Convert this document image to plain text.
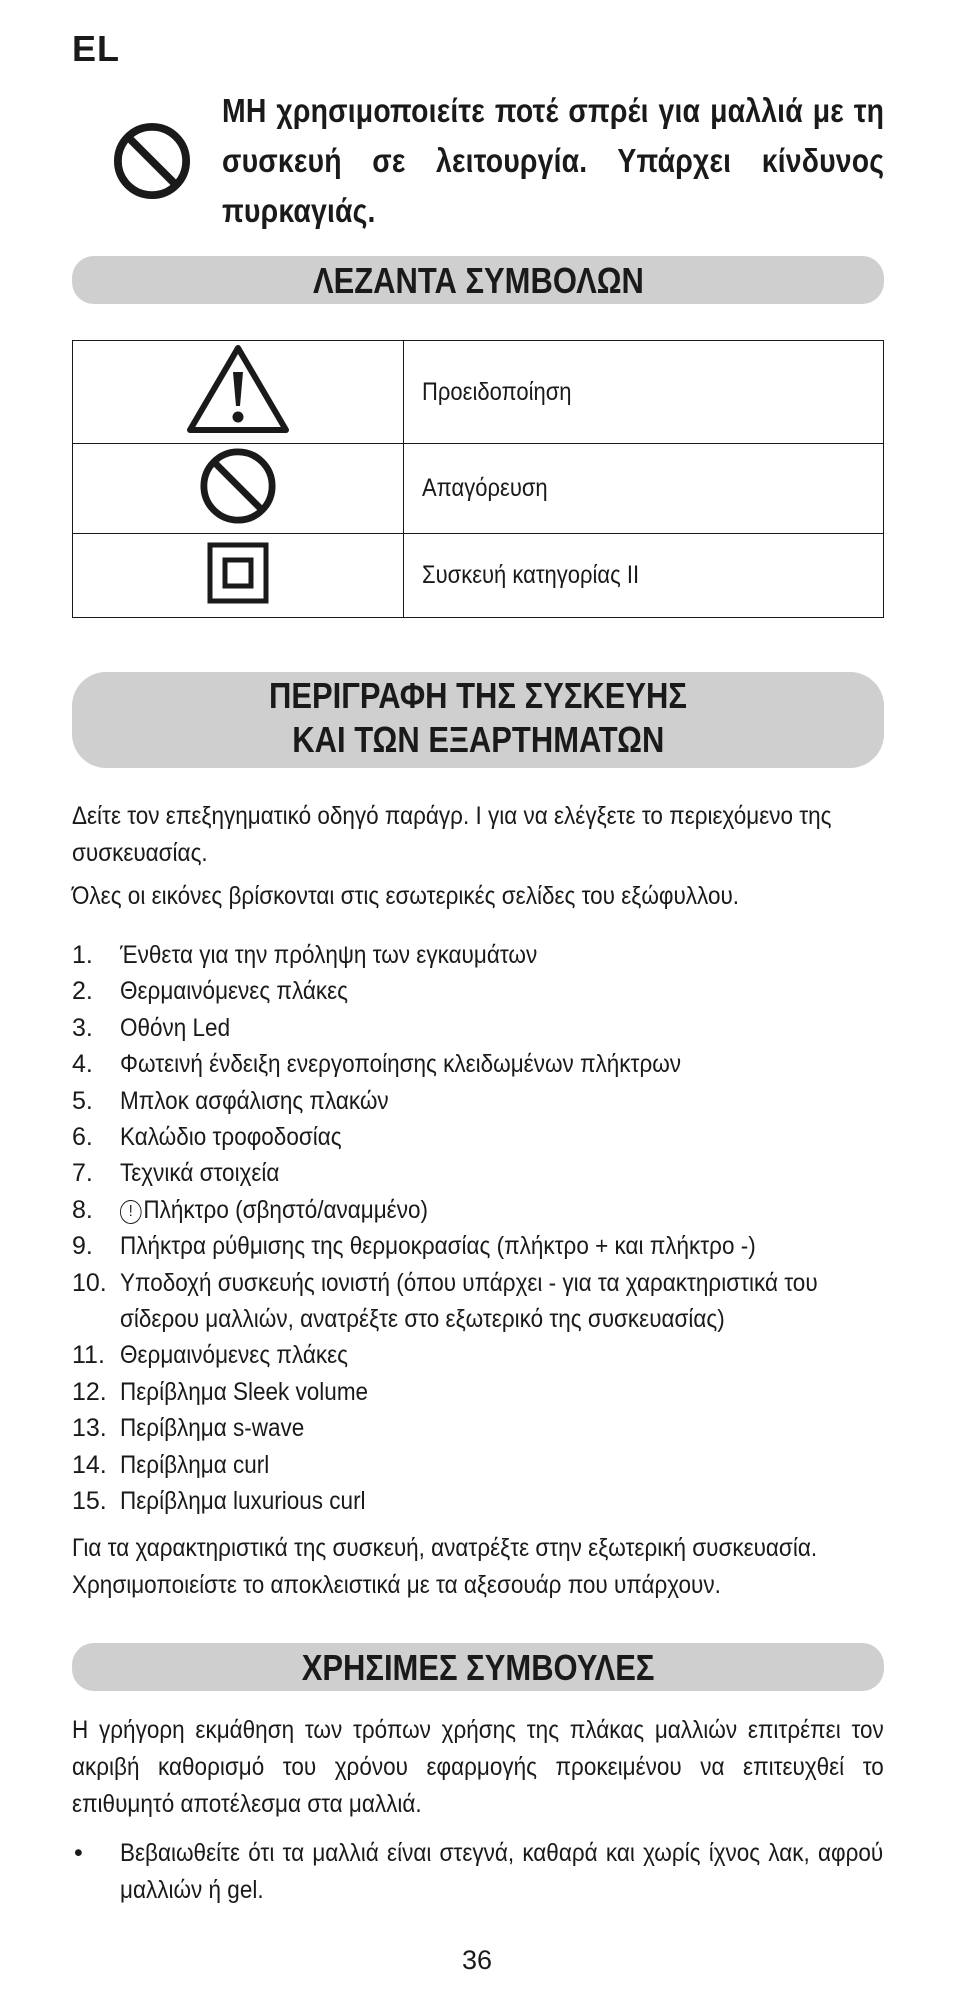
EL
ΜΗ χρησιμοποιείτε ποτέ σπρέι για μαλλιά με τη συσκευή σε λειτουργία. Υπάρχει κίνδυνος πυρκαγιάς.
ΛΕΖΑΝΤΑ ΣΥΜΒΟΛΩΝ
	Προειδοποίηση
	Απαγόρευση
	Συσκευή κατηγορίας II
ΠΕΡΙΓΡΑΦΗ ΤΗΣ ΣΥΣΚΕΥΗΣ
ΚΑΙ ΤΩΝ ΕΞΑΡΤΗΜΑΤΩΝ
Δείτε τον επεξηγηματικό οδηγό παράγρ. I για να ελέγξετε το περιεχόμενο της συσκευασίας.
Όλες οι εικόνες βρίσκονται στις εσωτερικές σελίδες του εξώφυλλου.
1. Ένθετα για την πρόληψη των εγκαυμάτων
2. Θερμαινόμενες πλάκες
3. Οθόνη Led
4. Φωτεινή ένδειξη ενεργοποίησης κλειδωμένων πλήκτρων
5. Μπλοκ ασφάλισης πλακών
6. Καλώδιο τροφοδοσίας
7. Τεχνικά στοιχεία
8. ! Πλήκτρο (σβηστό/αναμμένο)
9. Πλήκτρα ρύθμισης της θερμοκρασίας (πλήκτρο + και πλήκτρο -)
10. Υποδοχή συσκευής ιονιστή (όπου υπάρχει - για τα χαρακτηριστικά του σίδερου μαλλιών, ανατρέξτε στο εξωτερικό της συσκευασίας)
11. Θερμαινόμενες πλάκες
12. Περίβλημα Sleek volume
13. Περίβλημα s-wave
14. Περίβλημα curl
15. Περίβλημα luxurious curl
Για τα χαρακτηριστικά της συσκευή, ανατρέξτε στην εξωτερική συσκευασία. Χρησιμοποιείστε το αποκλειστικά με τα αξεσουάρ που υπάρχουν.
ΧΡΗΣΙΜΕΣ ΣΥΜΒΟΥΛΕΣ
Η γρήγορη εκμάθηση των τρόπων χρήσης της πλάκας μαλλιών επιτρέπει τον ακριβή καθορισμό του χρόνου εφαρμογής προκειμένου να επιτευχθεί το επιθυμητό αποτέλεσμα στα μαλλιά.
• Βεβαιωθείτε ότι τα μαλλιά είναι στεγνά, καθαρά και χωρίς ίχνος λακ, αφρού μαλλιών ή gel.
36
